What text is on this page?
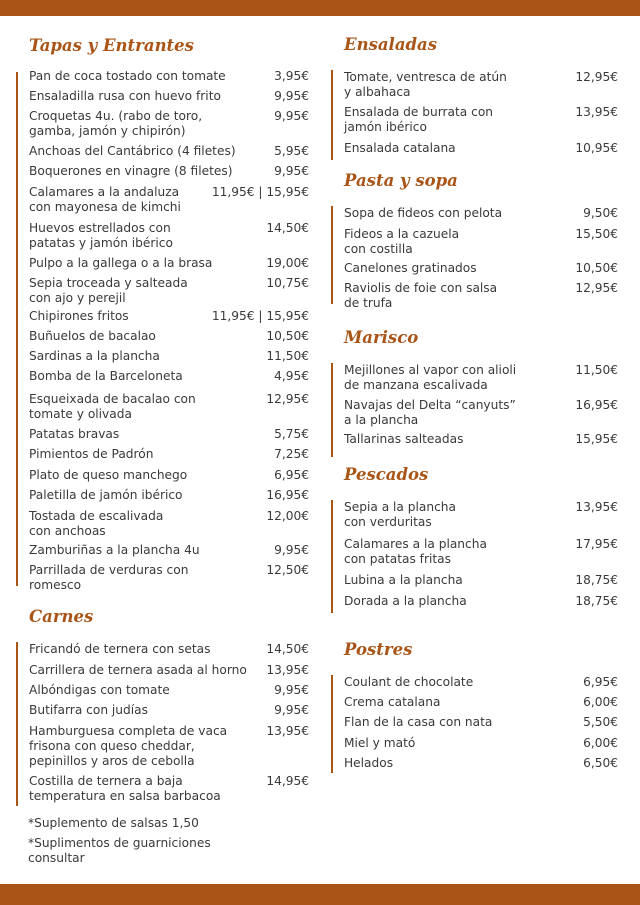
Tapas y Entrantes
Pan de coca tostado con tomate	3,95€
Ensaladilla rusa con huevo frito	9,95€
Croquetas 4u. (rabo de toro,
gamba, jamón y chipirón)
9,95€
Anchoas del Cantábrico (4 filetes)	5,95€
Boquerones en vinagre (8 filetes)	9,95€
Calamares a la andaluza
con mayonesa de kimchi
11,95€ | 15,95€
Huevos estrellados con
patatas y jamón ibérico
14,50€
Pulpo a la gallega o a la brasa	19,00€
Sepia troceada y salteada
con ajo y perejil
10,75€
Chipirones fritos	11,95€ | 15,95€
Buñuelos de bacalao	10,50€
Sardinas a la plancha	11,50€
Bomba de la Barceloneta	4,95€
Esqueixada de bacalao con
tomate y olivada
12,95€
Patatas bravas	5,75€
Pimientos de Padrón	7,25€
Plato de queso manchego	6,95€
Paletilla de jamón ibérico	16,95€
Tostada de escalivada
con anchoas
12,00€
Zamburiñas a la plancha 4u	9,95€
Parrillada de verduras con
romesco
12,50€
Carnes
Fricandó de ternera con setas	14,50€
Carrillera de ternera asada al horno 13,95€
Albóndigas con tomate	9,95€
Butifarra con judías	9,95€
Hamburguesa completa de vaca
frisona con queso cheddar,
pepinillos y aros de cebolla
13,95€
Costilla de ternera a baja
temperatura en salsa barbacoa
14,95€
*Suplemento de salsas 1,50
*Suplimentos de guarniciones
consultar
Ensaladas
Tomate, ventresca de atún
y albahaca
12,95€
Ensalada de burrata con
jamón ibérico
13,95€
Ensalada catalana	10,95€
Pasta y sopa
Sopa de fideos con pelota	9,50€
Fideos a la cazuela
con costilla
15,50€
Canelones gratinados	10,50€
Raviolis de foie con salsa
de trufa
12,95€
Marisco
Mejillones al vapor con alioli
de manzana escalivada
11,50€
Navajas del Delta “canyuts”
a la plancha
16,95€
Tallarinas salteadas	15,95€
Pescados
Sepia a la plancha
con verduritas
13,95€
Calamares a la plancha
con patatas fritas
17,95€
Lubina a la plancha	18,75€
Dorada a la plancha	18,75€
Postres
Coulant de chocolate	6,95€
Crema catalana	6,00€
Flan de la casa con nata	5,50€
Miel y mató	6,00€
Helados	6,50€
